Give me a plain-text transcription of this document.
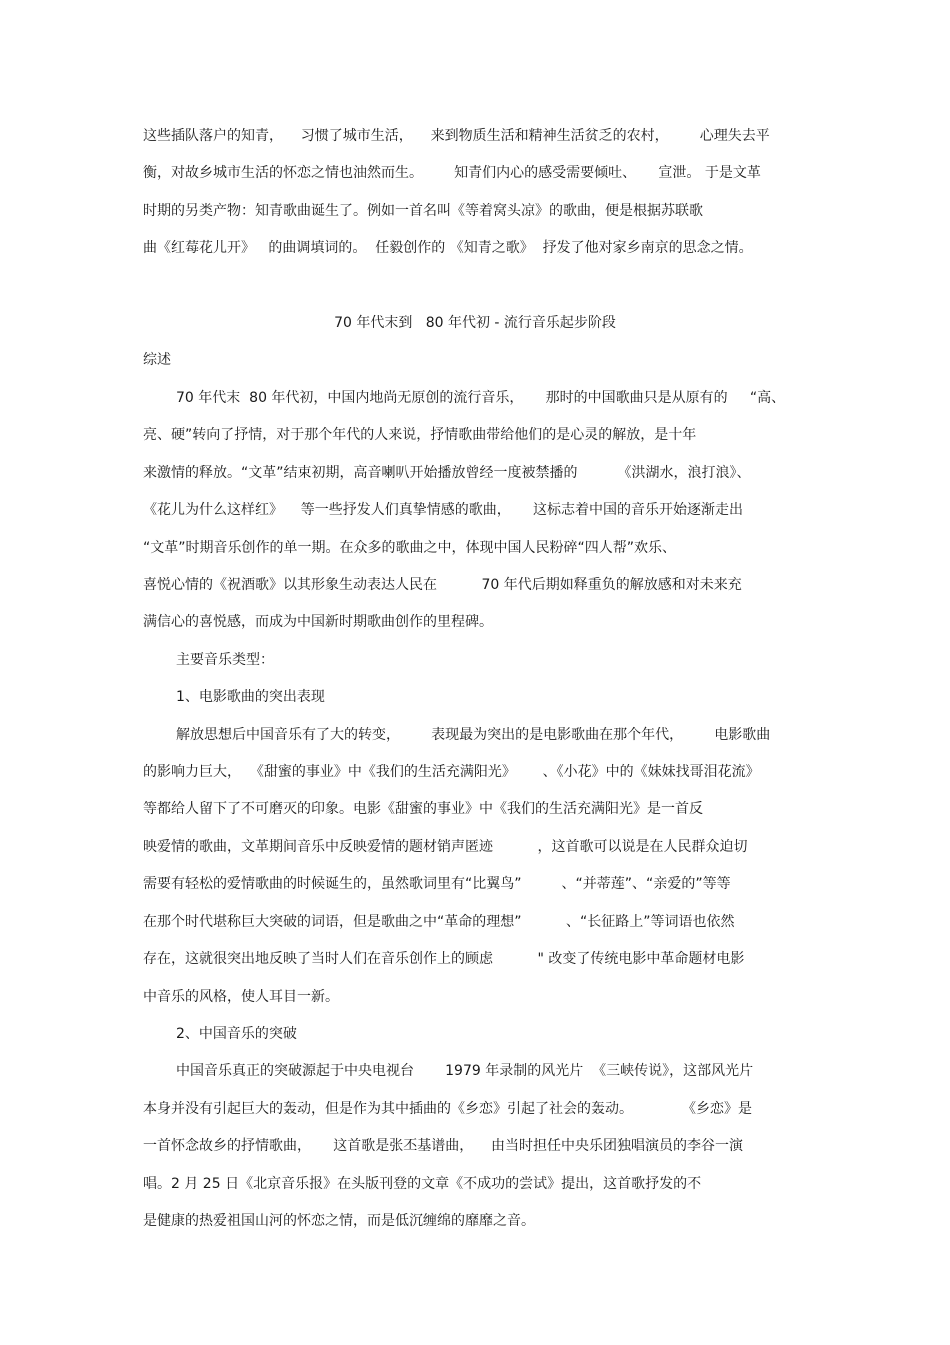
这些插队落户的知青，    习惯了城市生活，    来到物质生活和精神生活贫乏的农村，       心理失去平
衡，对故乡城市生活的怀恋之情也油然而生。       知青们内心的感受需要倾吐、     宣泄。 于是文革
时期的另类产物：知青歌曲诞生了。例如一首名叫《等着窝头凉》的歌曲，便是根据苏联歌
曲《红莓花儿开》   的曲调填词的。  任毅创作的 《知青之歌》  抒发了他对家乡南京的思念之情。
70 年代末到   80 年代初 - 流行音乐起步阶段
综述
70 年代末  80 年代初，中国内地尚无原创的流行音乐，     那时的中国歌曲只是从原有的     “高、
亮、硬”转向了抒情，对于那个年代的人来说，抒情歌曲带给他们的是心灵的解放，是十年
来激情的释放。“文革”结束初期，高音喇叭开始播放曾经一度被禁播的         《洪湖水，浪打浪》、
《花儿为什么这样红》    等一些抒发人们真挚情感的歌曲，     这标志着中国的音乐开始逐渐走出
“文革”时期音乐创作的单一期。在众多的歌曲之中，体现中国人民粉碎“四人帮”欢乐、
喜悦心情的《祝酒歌》以其形象生动表达人民在          70 年代后期如释重负的解放感和对未来充
满信心的喜悦感，而成为中国新时期歌曲创作的里程碑。
主要音乐类型：
1、电影歌曲的突出表现
解放思想后中国音乐有了大的转变，       表现最为突出的是电影歌曲在那个年代，       电影歌曲
的影响力巨大，  《甜蜜的事业》中《我们的生活充满阳光》      、《小花》中的《妹妹找哥泪花流》
等都给人留下了不可磨灭的印象。电影《甜蜜的事业》中《我们的生活充满阳光》是一首反
映爱情的歌曲，文革期间音乐中反映爱情的题材销声匿迹          ，这首歌可以说是在人民群众迫切
需要有轻松的爱情歌曲的时候诞生的，虽然歌词里有“比翼鸟”         、“并蒂莲”、“亲爱的”等等
在那个时代堪称巨大突破的词语，但是歌曲之中“革命的理想”          、“长征路上”等词语也依然
存在，这就很突出地反映了当时人们在音乐创作上的顾虑          " 改变了传统电影中革命题材电影
中音乐的风格，使人耳目一新。
2、中国音乐的突破
中国音乐真正的突破源起于中央电视台       1979 年录制的风光片  《三峡传说》，这部风光片
本身并没有引起巨大的轰动，但是作为其中插曲的《乡恋》引起了社会的轰动。           《乡恋》是
一首怀念故乡的抒情歌曲，     这首歌是张丕基谱曲，    由当时担任中央乐团独唱演员的李谷一演
唱。2 月 25 日《北京音乐报》在头版刊登的文章《不成功的尝试》提出，这首歌抒发的不
是健康的热爱祖国山河的怀恋之情，而是低沉缠绵的靡靡之音。
